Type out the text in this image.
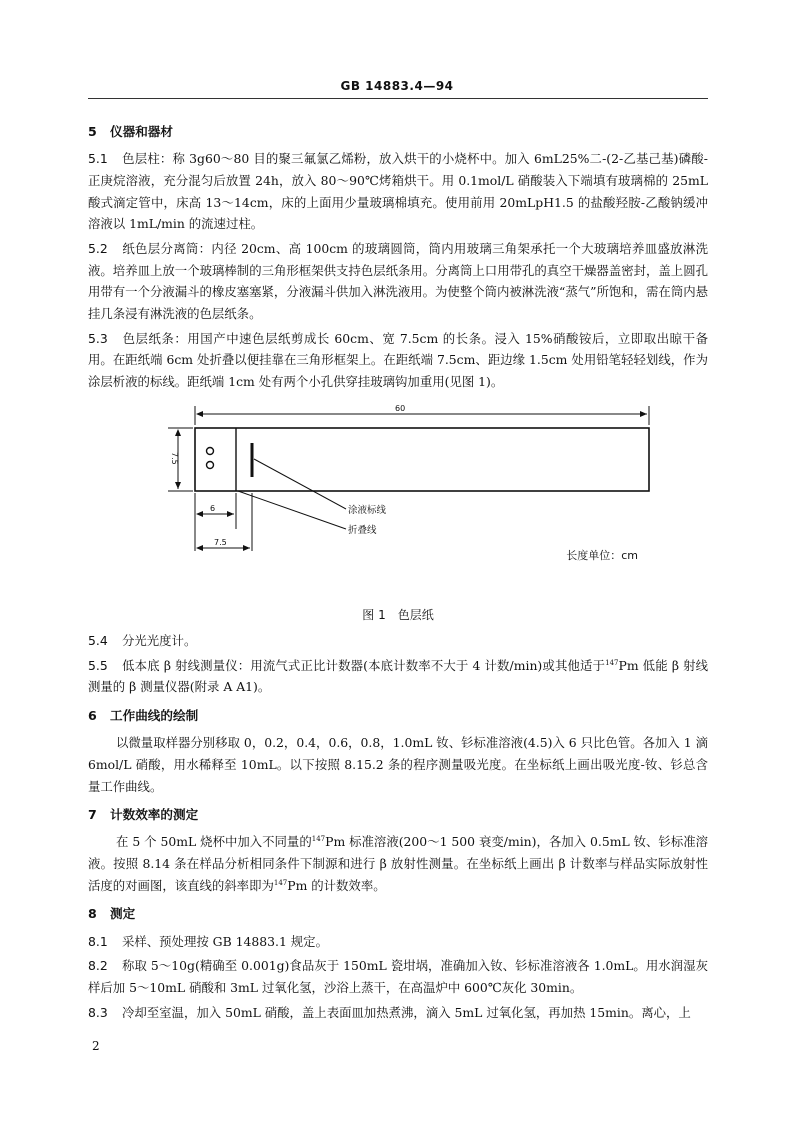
GB 14883.4—94
5 仪器和器材

5.1 色层柱：称 3g60～80 目的聚三氟氯乙烯粉，放入烘干的小烧杯中。加入 6mL25%二-(2-乙基己基)磷酸-正庚烷溶液，充分混匀后放置 24h，放入 80～90℃烤箱烘干。用 0.1mol/L 硝酸装入下端填有玻璃棉的 25mL 酸式滴定管中，床高 13～14cm，床的上面用少量玻璃棉填充。使用前用 20mLpH1.5 的盐酸羟胺-乙酸钠缓冲溶液以 1mL/min 的流速过柱。

5.2 纸色层分离筒：内径 20cm、高 100cm 的玻璃圆筒，筒内用玻璃三角架承托一个大玻璃培养皿盛放淋洗液。培养皿上放一个玻璃棒制的三角形框架供支持色层纸条用。分离筒上口用带孔的真空干燥器盖密封，盖上圆孔用带有一个分液漏斗的橡皮塞塞紧，分液漏斗供加入淋洗液用。为使整个筒内被淋洗液“蒸气”所饱和，需在筒内悬挂几条浸有淋洗液的色层纸条。

5.3 色层纸条：用国产中速色层纸剪成长 60cm、宽 7.5cm 的长条。浸入 15%硝酸铵后，立即取出晾干备用。在距纸端 6cm 处折叠以便挂靠在三角形框架上。在距纸端 7.5cm、距边缘 1.5cm 处用铅笔轻轻划线，作为涂层析液的标线。距纸端 1cm 处有两个小孔供穿挂玻璃钩加重用(见图 1)。

60
7.5
6
7.5
涂液标线
折叠线
长度单位：cm

图 1　色层纸

5.4 分光光度计。

5.5 低本底 β 射线测量仪：用流气式正比计数器(本底计数率不大于 4 计数/min)或其他适于$^{147}$Pm 低能 β 射线测量的 β 测量仪器(附录 A A1)。

6 工作曲线的绘制

以微量取样器分别移取 0，0.2，0.4，0.6，0.8，1.0mL 钕、钐标准溶液(4.5)入 6 只比色管。各加入 1 滴6mol/L 硝酸，用水稀释至 10mL。以下按照 8.15.2 条的程序测量吸光度。在坐标纸上画出吸光度-钕、钐总含量工作曲线。

7 计数效率的测定

在 5 个 50mL 烧杯中加入不同量的$^{147}$Pm 标准溶液(200～1 500 衰变/min)，各加入 0.5mL 钕、钐标准溶液。按照 8.14 条在样品分析相同条件下制源和进行 β 放射性测量。在坐标纸上画出 β 计数率与样品实际放射性活度的对画图，该直线的斜率即为$^{147}$Pm 的计数效率。

8 测定

8.1 采样、预处理按 GB 14883.1 规定。

8.2 称取 5～10g(精确至 0.001g)食品灰于 150mL 瓷坩埚，准确加入钕、钐标准溶液各 1.0mL。用水润湿灰样后加 5～10mL 硝酸和 3mL 过氧化氢，沙浴上蒸干，在高温炉中 600℃灰化 30min。

8.3 冷却至室温，加入 50mL 硝酸，盖上表面皿加热煮沸，滴入 5mL 过氧化氢，再加热 15min。离心，上

2
